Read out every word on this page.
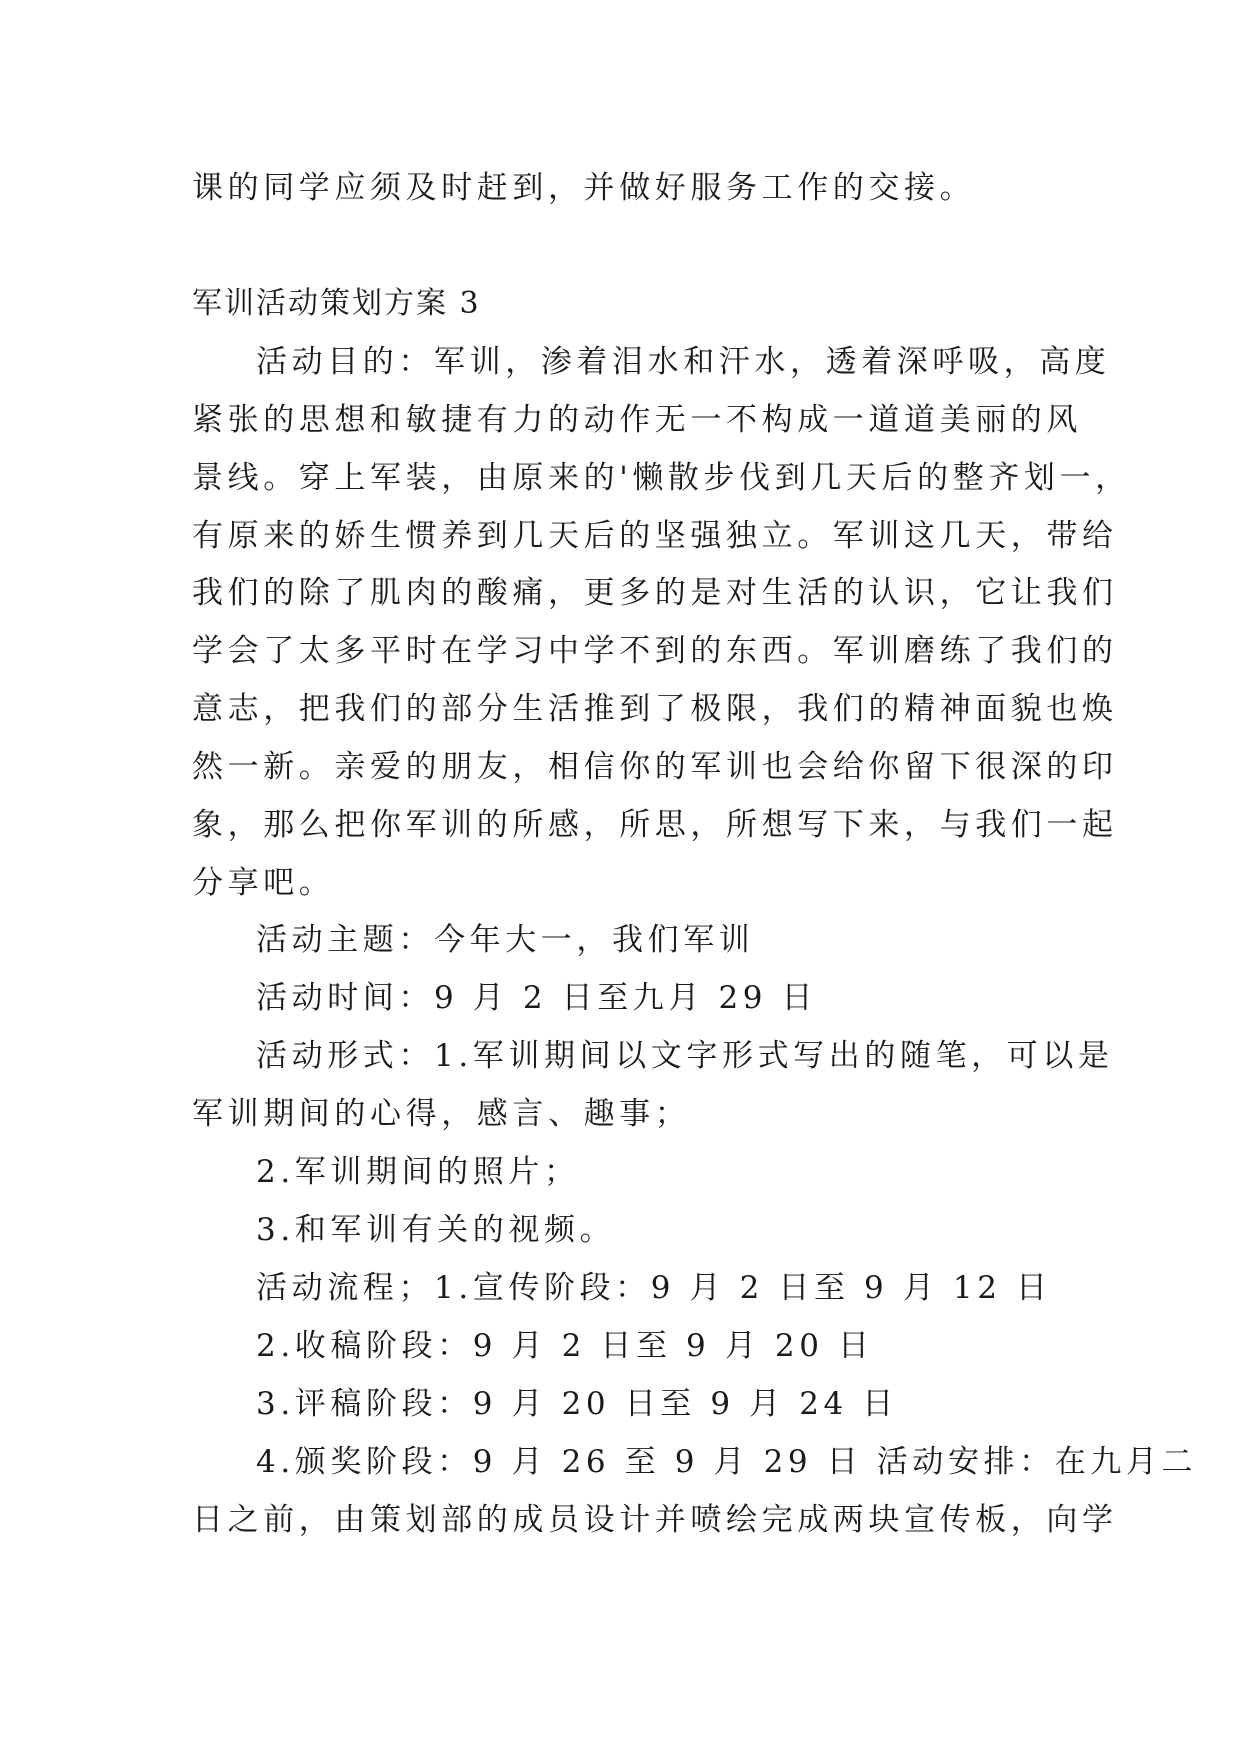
课的同学应须及时赶到，并做好服务工作的交接。
军训活动策划方案 3
活动目的：军训，渗着泪水和汗水，透着深呼吸，高度
紧张的思想和敏捷有力的动作无一不构成一道道美丽的风
景线。穿上军装，由原来的'懒散步伐到几天后的整齐划一，
有原来的娇生惯养到几天后的坚强独立。军训这几天，带给
我们的除了肌肉的酸痛，更多的是对生活的认识，它让我们
学会了太多平时在学习中学不到的东西。军训磨练了我们的
意志，把我们的部分生活推到了极限，我们的精神面貌也焕
然一新。亲爱的朋友，相信你的军训也会给你留下很深的印
象，那么把你军训的所感，所思，所想写下来，与我们一起
分享吧。
活动主题：今年大一，我们军训
活动时间：9 月 2 日至九月 29 日
活动形式：1.军训期间以文字形式写出的随笔，可以是
军训期间的心得，感言、趣事；
2.军训期间的照片；
3.和军训有关的视频。
活动流程；1.宣传阶段：9 月 2 日至 9 月 12 日
2.收稿阶段：9 月 2 日至 9 月 20 日
3.评稿阶段：9 月 20 日至 9 月 24 日
4.颁奖阶段：9 月 26 至 9 月 29 日 活动安排：在九月二
日之前，由策划部的成员设计并喷绘完成两块宣传板，向学
